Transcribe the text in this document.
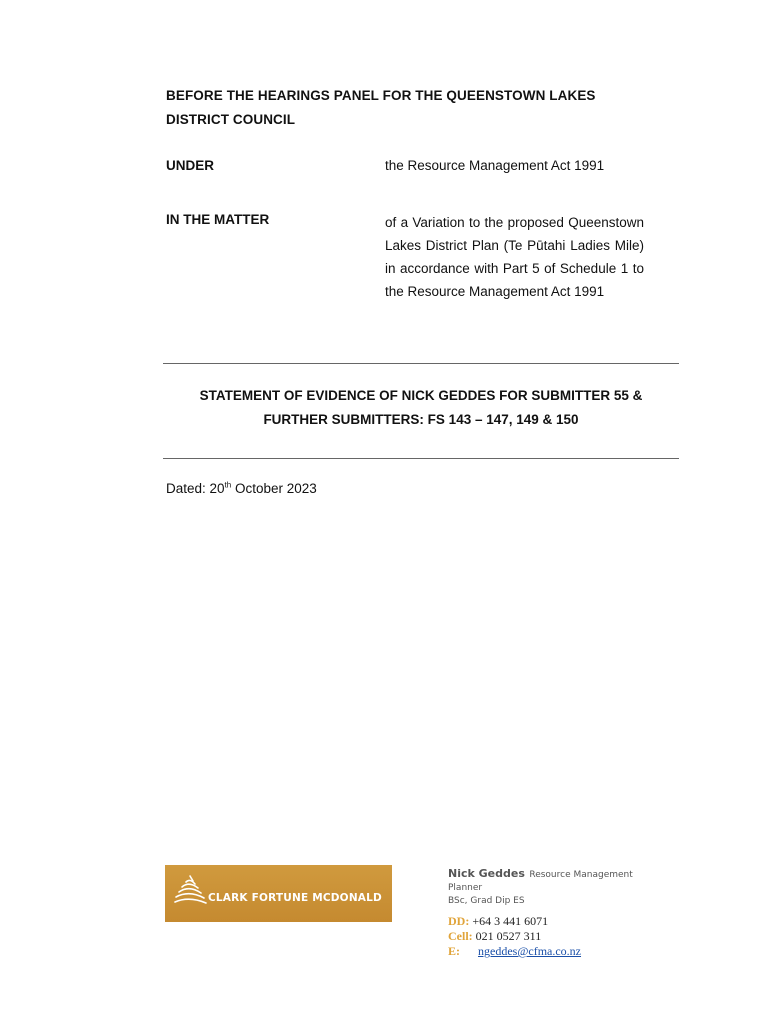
BEFORE THE HEARINGS PANEL FOR THE QUEENSTOWN LAKES
DISTRICT COUNCIL
UNDER	the Resource Management Act 1991
IN THE MATTER	of a Variation to the proposed Queenstown Lakes District Plan (Te Pūtahi Ladies Mile) in accordance with Part 5 of Schedule 1 to the Resource Management Act 1991
STATEMENT OF EVIDENCE OF NICK GEDDES FOR SUBMITTER 55 &
FURTHER SUBMITTERS: FS 143 – 147, 149 & 150
Dated: 20th October 2023
CLARK FORTUNE MCDONALD
Nick Geddes Resource Management
Planner
BSc, Grad Dip ES
DD: +64 3 441 6071
Cell: 021 0527 311
E: ngeddes@cfma.co.nz
